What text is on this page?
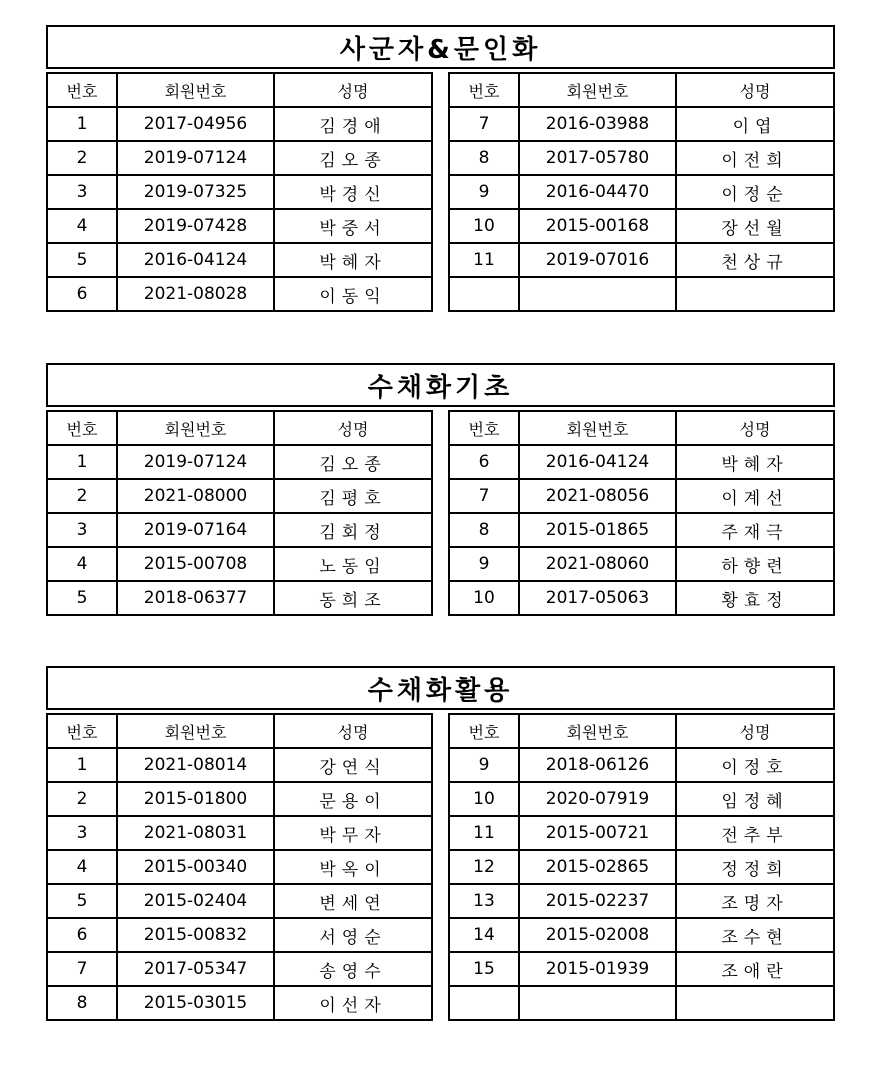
사군자&문인화
번호	회원번호	성명
1	2017-04956	김경애
2	2019-07124	김오종
3	2019-07325	박경신
4	2019-07428	박중서
5	2016-04124	박혜자
6	2021-08028	이동익
번호	회원번호	성명
7	2016-03988	이엽
8	2017-05780	이전희
9	2016-04470	이정순
10	2015-00168	장선월
11	2019-07016	천상규

수채화기초
번호	회원번호	성명
1	2019-07124	김오종
2	2021-08000	김평호
3	2019-07164	김회정
4	2015-00708	노동임
5	2018-06377	동희조
번호	회원번호	성명
6	2016-04124	박혜자
7	2021-08056	이계선
8	2015-01865	주재극
9	2021-08060	하향련
10	2017-05063	황효정
수채화활용
번호	회원번호	성명
1	2021-08014	강연식
2	2015-01800	문용이
3	2021-08031	박무자
4	2015-00340	박옥이
5	2015-02404	변세연
6	2015-00832	서영순
7	2017-05347	송영수
8	2015-03015	이선자
번호	회원번호	성명
9	2018-06126	이정호
10	2020-07919	임정혜
11	2015-00721	전추부
12	2015-02865	정정희
13	2015-02237	조명자
14	2015-02008	조수현
15	2015-01939	조애란
